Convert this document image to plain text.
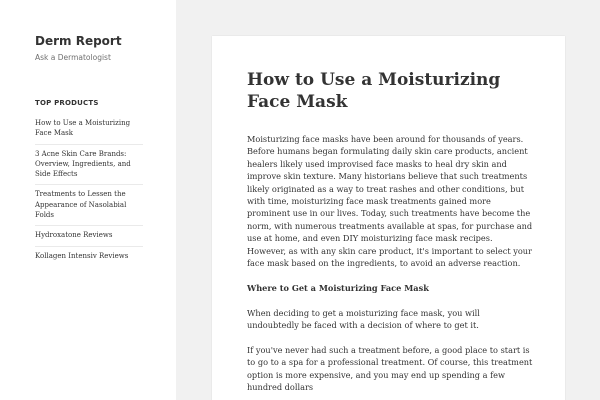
Derm Report
Ask a Dermatologist
TOP PRODUCTS
How to Use a Moisturizing Face Mask
3 Acne Skin Care Brands: Overview, Ingredients, and Side Effects
Treatments to Lessen the Appearance of Nasolabial Folds
Hydroxatone Reviews
Kollagen Intensiv Reviews
How to Use a Moisturizing Face Mask

Moisturizing face masks have been around for thousands of years. Before humans began formulating daily skin care products, ancient healers likely used improvised face masks to heal dry skin and improve skin texture. Many historians believe that such treatments likely originated as a way to treat rashes and other conditions, but with time, moisturizing face mask treatments gained more prominent use in our lives. Today, such treatments have become the norm, with numerous treatments available at spas, for purchase and use at home, and even DIY moisturizing face mask recipes. However, as with any skin care product, it's important to select your face mask based on the ingredients, to avoid an adverse reaction.

Where to Get a Moisturizing Face Mask

When deciding to get a moisturizing face mask, you will undoubtedly be faced with a decision of where to get it.

If you've never had such a treatment before, a good place to start is to go to a spa for a professional treatment. Of course, this treatment option is more expensive, and you may end up spending a few hundred dollars
